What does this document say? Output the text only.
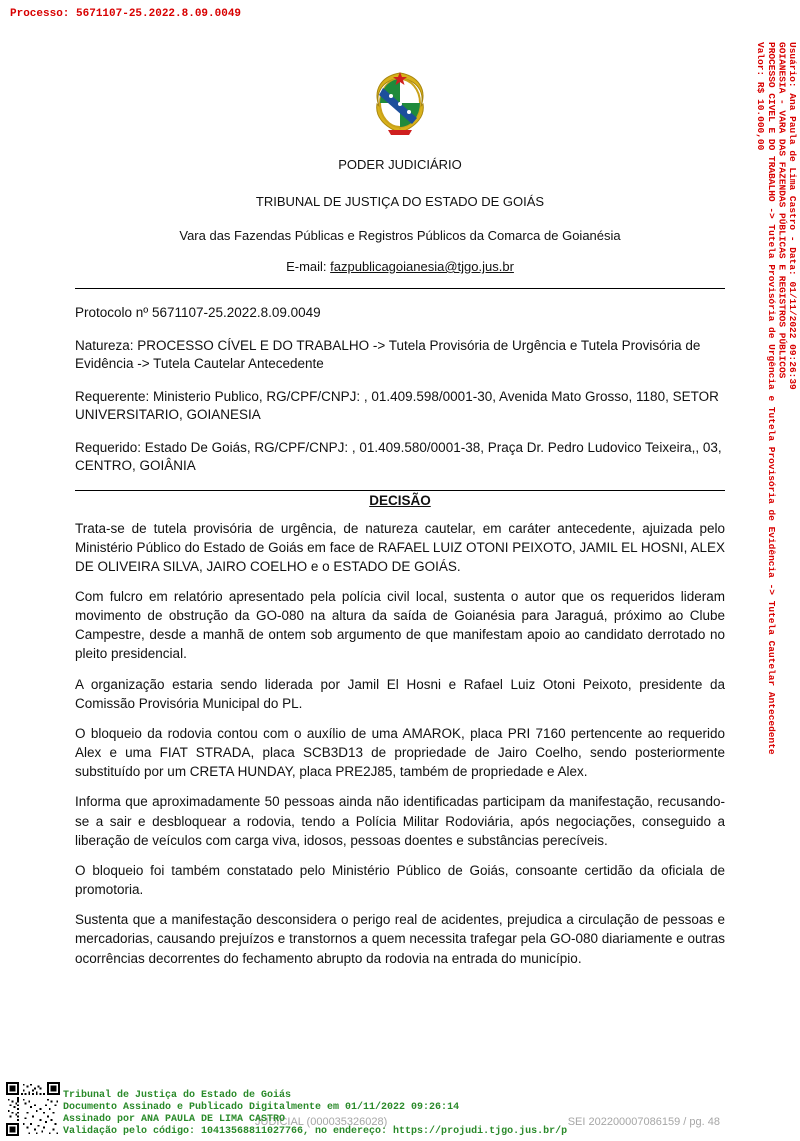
Processo: 5671107-25.2022.8.09.0049
Valor: R$ 10.000,00 PROCESSO CIVEL E DO TRABALHO -> Tutela Provisória de Urgência e Tutela Provisória de Evidência -> Tutela Cautelar Antecedente GOIANESIA - VARA DAS FAZENDAS PÚBLICAS E REGISTROS PÚBLICOS Usuário: Ana Paula de Lima Castro - Data: 01/11/2022 09:26:39
PODER JUDICIÁRIO
TRIBUNAL DE JUSTIÇA DO ESTADO DE GOIÁS
Vara das Fazendas Públicas e Registros Públicos da Comarca de Goianésia
E-mail: fazpublicagoianesia@tjgo.jus.br
Protocolo nº 5671107-25.2022.8.09.0049
Natureza: PROCESSO CÍVEL E DO TRABALHO -> Tutela Provisória de Urgência e Tutela Provisória de Evidência -> Tutela Cautelar Antecedente
Requerente: Ministerio Publico, RG/CPF/CNPJ: , 01.409.598/0001-30, Avenida Mato Grosso, 1180, SETOR UNIVERSITARIO, GOIANESIA
Requerido: Estado De Goiás, RG/CPF/CNPJ: , 01.409.580/0001-38, Praça Dr. Pedro Ludovico Teixeira,, 03, CENTRO, GOIÂNIA
DECISÃO

Trata-se de tutela provisória de urgência, de natureza cautelar, em caráter antecedente, ajuizada pelo Ministério Público do Estado de Goiás em face de RAFAEL LUIZ OTONI PEIXOTO, JAMIL EL HOSNI, ALEX DE OLIVEIRA SILVA, JAIRO COELHO e o ESTADO DE GOIÁS.

Com fulcro em relatório apresentado pela polícia civil local, sustenta o autor que os requeridos lideram movimento de obstrução da GO-080 na altura da saída de Goianésia para Jaraguá, próximo ao Clube Campestre, desde a manhã de ontem sob argumento de que manifestam apoio ao candidato derrotado no pleito presidencial.

A organização estaria sendo liderada por Jamil El Hosni e Rafael Luiz Otoni Peixoto, presidente da Comissão Provisória Municipal do PL.

O bloqueio da rodovia contou com o auxílio de uma AMAROK, placa PRI 7160 pertencente ao requerido Alex e uma FIAT STRADA, placa SCB3D13 de propriedade de Jairo Coelho, sendo posteriormente substituído por um CRETA HUNDAY, placa PRE2J85, também de propriedade e Alex.

Informa que aproximadamente 50 pessoas ainda não identificadas participam da manifestação, recusando-se a sair e desbloquear a rodovia, tendo a Polícia Militar Rodoviária, após negociações, conseguido a liberação de veículos com carga viva, idosos, pessoas doentes e substâncias perecíveis.

O bloqueio foi também constatado pelo Ministério Público de Goiás, consoante certidão da oficiala de promotoria.

Sustenta que a manifestação desconsidera o perigo real de acidentes, prejudica a circulação de pessoas e mercadorias, causando prejuízos e transtornos a quem necessita trafegar pela GO-080 diariamente e outras ocorrências decorrentes do fechamento abrupto da rodovia na entrada do município.

Tribunal de Justiça do Estado de Goiás
Documento Assinado e Publicado Digitalmente em 01/11/2022 09:26:14
Assinado por ANA PAULA DE LIMA CASTRO
Validação pelo código: 10413568811027766, no endereço: https://projudi.tjgo.jus.br/p
JUDICIAL (000035326028)	SEI 202200007086159 / pg. 48
